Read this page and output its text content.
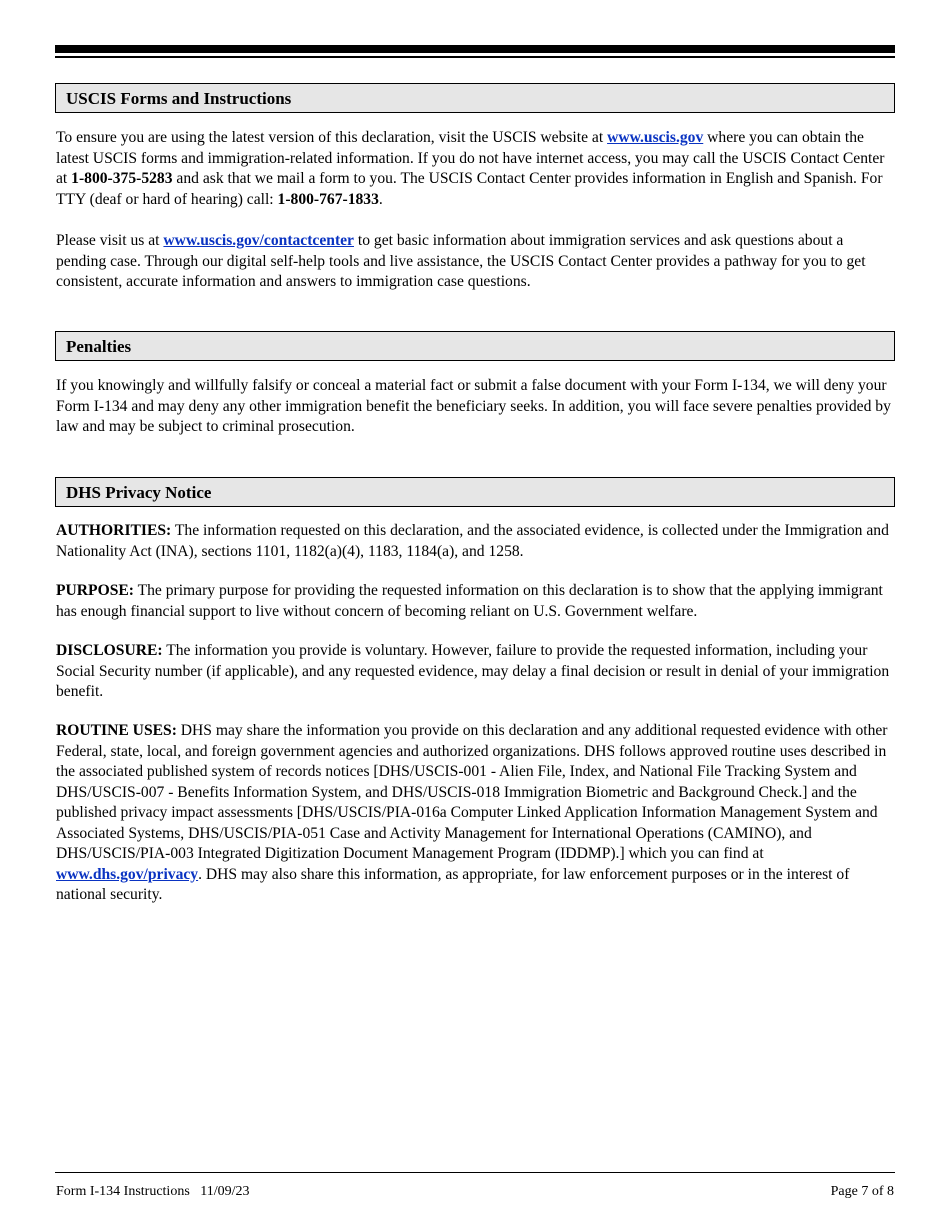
USCIS Forms and Instructions

To ensure you are using the latest version of this declaration, visit the USCIS website at www.uscis.gov where you can obtain the latest USCIS forms and immigration-related information. If you do not have internet access, you may call the USCIS Contact Center at 1-800-375-5283 and ask that we mail a form to you. The USCIS Contact Center provides information in English and Spanish. For TTY (deaf or hard of hearing) call: 1-800-767-1833.

Please visit us at www.uscis.gov/contactcenter to get basic information about immigration services and ask questions about a pending case. Through our digital self-help tools and live assistance, the USCIS Contact Center provides a pathway for you to get consistent, accurate information and answers to immigration case questions.

Penalties

If you knowingly and willfully falsify or conceal a material fact or submit a false document with your Form I-134, we will deny your Form I-134 and may deny any other immigration benefit the beneficiary seeks. In addition, you will face severe penalties provided by law and may be subject to criminal prosecution.

DHS Privacy Notice

AUTHORITIES: The information requested on this declaration, and the associated evidence, is collected under the Immigration and Nationality Act (INA), sections 1101, 1182(a)(4), 1183, 1184(a), and 1258.

PURPOSE: The primary purpose for providing the requested information on this declaration is to show that the applying immigrant has enough financial support to live without concern of becoming reliant on U.S. Government welfare.

DISCLOSURE: The information you provide is voluntary. However, failure to provide the requested information, including your Social Security number (if applicable), and any requested evidence, may delay a final decision or result in denial of your immigration benefit.

ROUTINE USES: DHS may share the information you provide on this declaration and any additional requested evidence with other Federal, state, local, and foreign government agencies and authorized organizations. DHS follows approved routine uses described in the associated published system of records notices [DHS/USCIS-001 - Alien File, Index, and National File Tracking System and DHS/USCIS-007 - Benefits Information System, and DHS/USCIS-018 Immigration Biometric and Background Check.] and the published privacy impact assessments [DHS/USCIS/PIA-016a Computer Linked Application Information Management System and Associated Systems, DHS/USCIS/PIA-051 Case and Activity Management for International Operations (CAMINO), and DHS/USCIS/PIA-003 Integrated Digitization Document Management Program (IDDMP).] which you can find at www.dhs.gov/privacy. DHS may also share this information, as appropriate, for law enforcement purposes or in the interest of national security.

Form I-134 Instructions   11/09/23	Page 7 of 8
